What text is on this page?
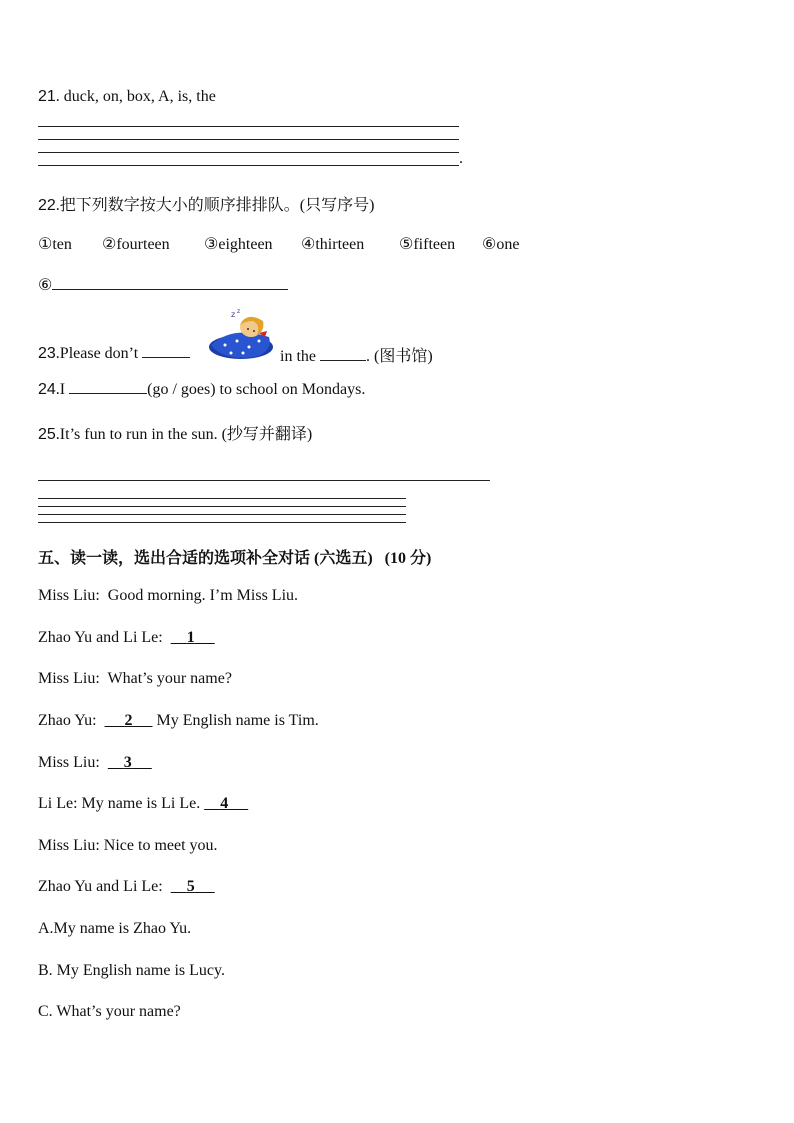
21. duck, on, box, A, is, the
.
22.把下列数字按大小的顺序排排队。(只写序号)
①ten ②fourteen ③eighteen ④thirteen ⑤fifteen ⑥one
⑥
23.Please don’t
z z
in the	. (图书馆)
24.I	(go / goes) to school on Mondays.
25.It’s fun to run in the sun. (抄写并翻译)
五、读一读，选出合适的选项补全对话 (六选五) (10 分)
Miss Liu: Good morning. I’m Miss Liu.
Zhao Yu and Li Le: 1
Miss Liu: What’s your name?
Zhao Yu: 2      My English name is Tim.
Miss Liu: 3
Li Le: My name is Li Le.     4
Miss Liu: Nice to meet you.
Zhao Yu and Li Le: 5
A.My name is Zhao Yu.
B. My English name is Lucy.
C. What’s your name?
